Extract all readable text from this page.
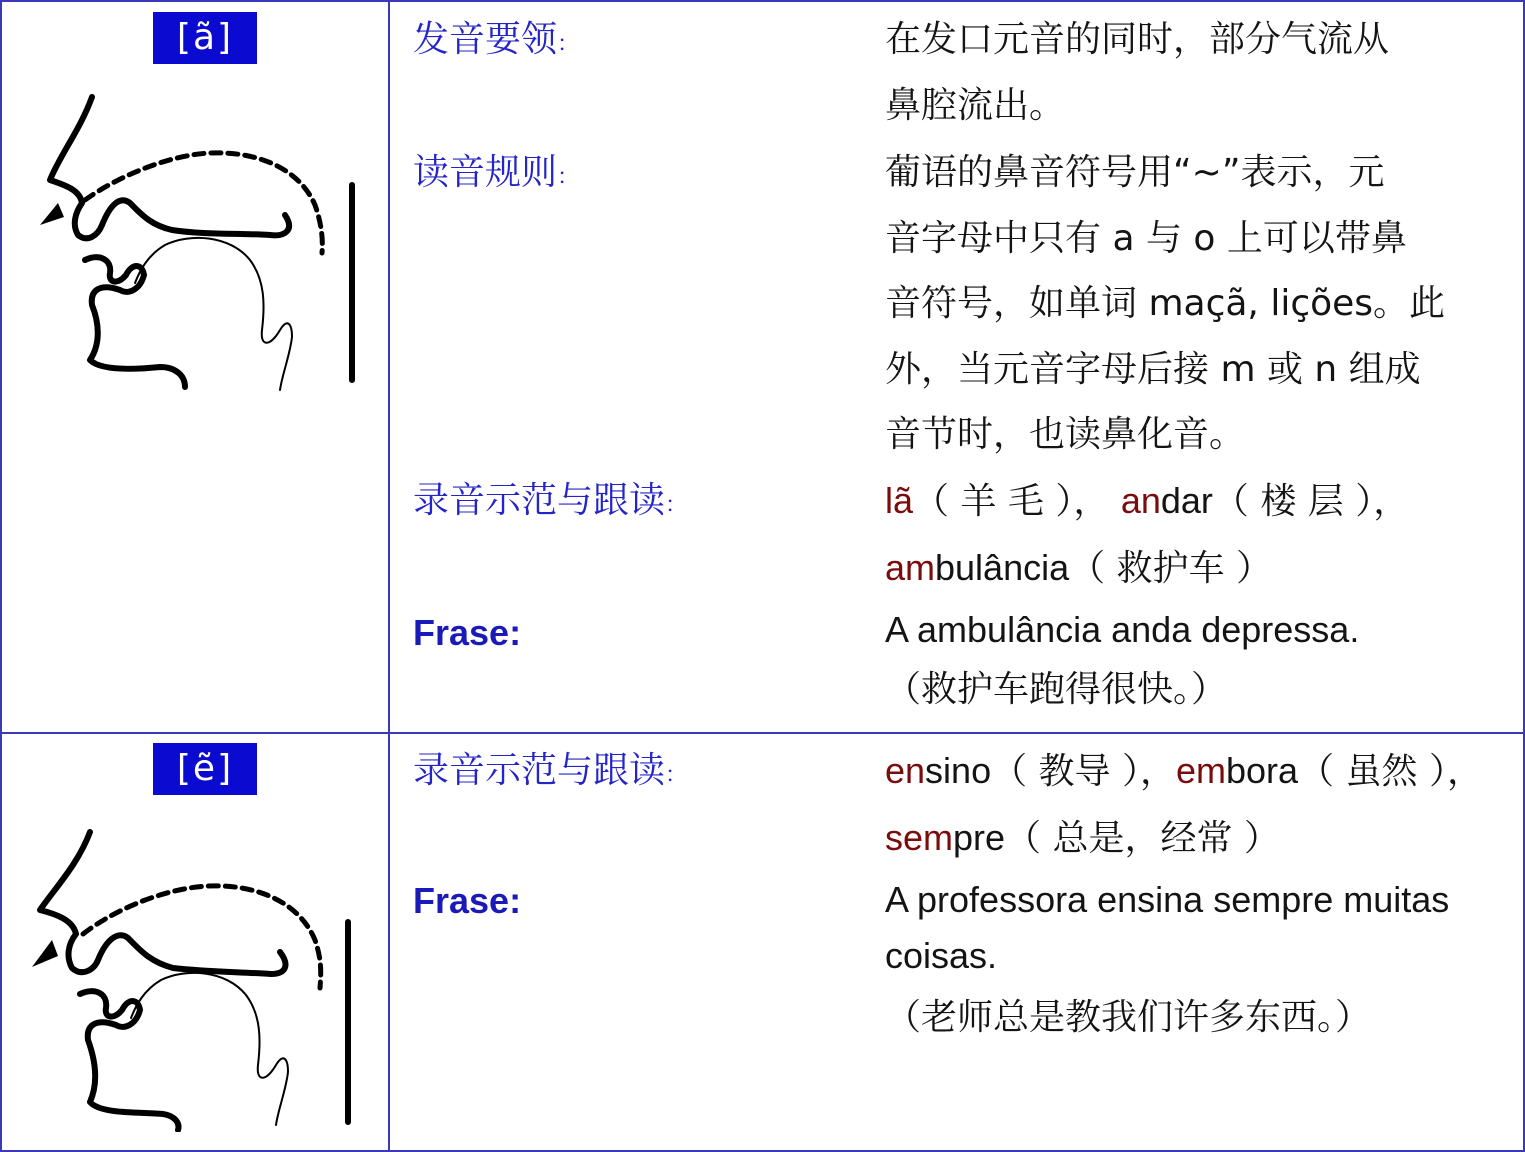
[ã]	发音要领：	在发口元音的同时，部分气流从

鼻腔流出。

读音规则：	葡语的鼻音符号用“~”表示，元

音字母中只有 a 与 o 上可以带鼻

音符号，如单词 maçã, lições。此

外，当元音字母后接 m 或 n 组成

音节时，也读鼻化音。

录音示范与跟读：	lã（ 羊 毛 ）， andar（ 楼 层 ），

ambulância（ 救护车 ）

Frase:	A ambulância anda depressa.

（救护车跑得很快。）

[ẽ]	录音示范与跟读：	ensino（ 教导 ），embora（ 虽然 ），

sempre（ 总是，经常 ）

Frase:	A professora ensina sempre muitas

coisas.

（老师总是教我们许多东西。）
